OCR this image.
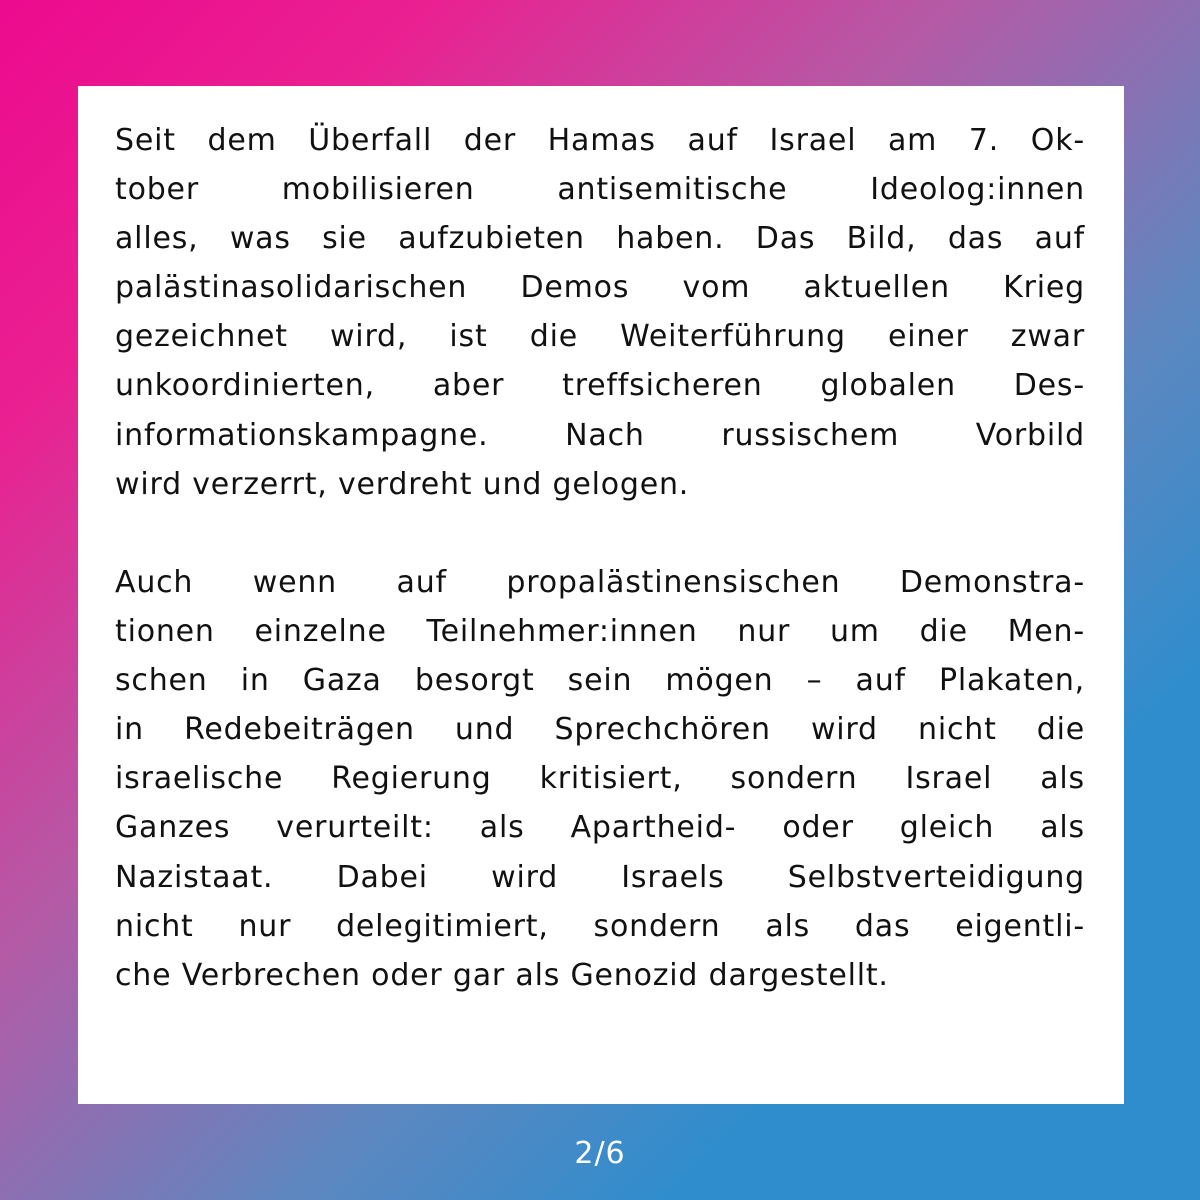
Seit dem Überfall der Hamas auf Israel am 7. Ok-
tober mobilisieren antisemitische Ideolog:innen
alles, was sie aufzubieten haben. Das Bild, das auf
palästinasolidarischen Demos vom aktuellen Krieg
gezeichnet wird, ist die Weiterführung einer zwar
unkoordinierten, aber treffsicheren globalen Des-
informationskampagne. Nach russischem Vorbild
wird verzerrt, verdreht und gelogen.
Auch wenn auf propalästinensischen Demonstra-
tionen einzelne Teilnehmer:innen nur um die Men-
schen in Gaza besorgt sein mögen – auf Plakaten,
in Redebeiträgen und Sprechchören wird nicht die
israelische Regierung kritisiert, sondern Israel als
Ganzes verurteilt: als Apartheid- oder gleich als
Nazistaat. Dabei wird Israels Selbstverteidigung
nicht nur delegitimiert, sondern als das eigentli-
che Verbrechen oder gar als Genozid dargestellt.
2/6
